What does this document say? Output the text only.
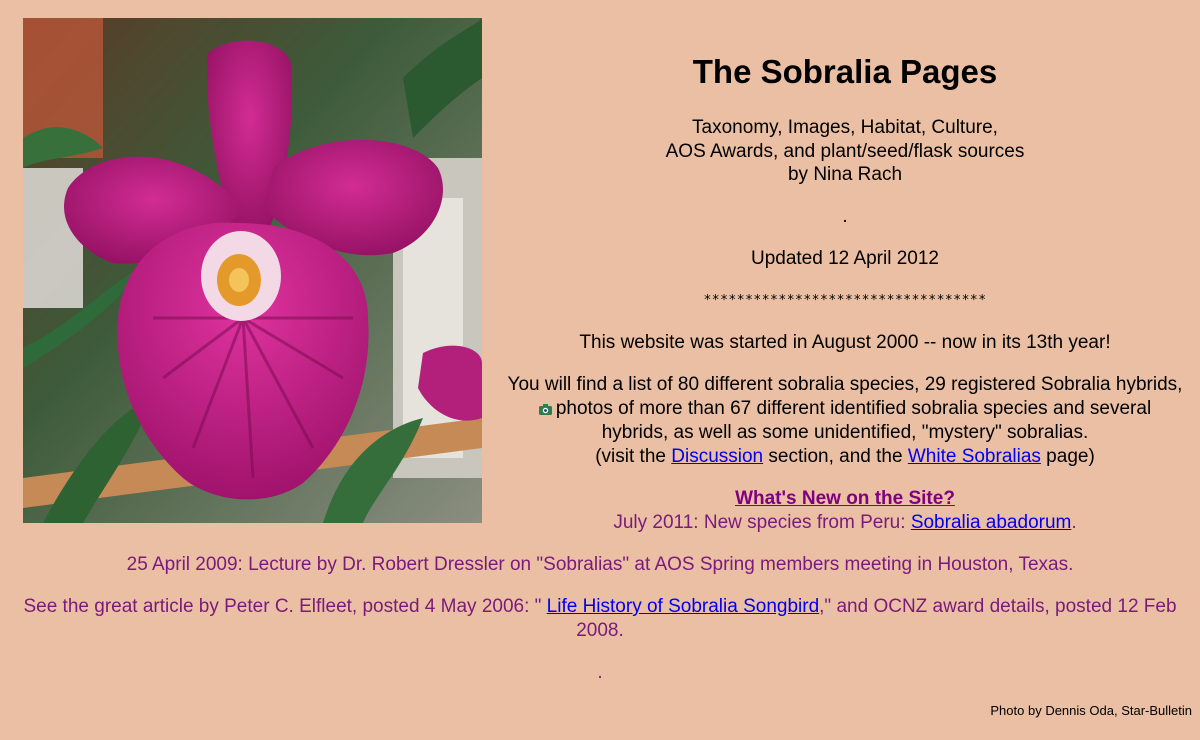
The Sobralia Pages
Taxonomy, Images, Habitat, Culture,
AOS Awards, and plant/seed/flask sources
by Nina Rach
.
Updated 12 April 2012
**********************************
This website was started in August 2000 -- now in its 13th year!
You will find a list of 80 different sobralia species, 29 registered Sobralia hybrids,
photos of more than 67 different identified sobralia species and several
hybrids, as well as some unidentified, "mystery" sobralias.
(visit the Discussion section, and the White Sobralias page)
What's New on the Site?
July 2011: New species from Peru: Sobralia abadorum.
25 April 2009: Lecture by Dr. Robert Dressler on "Sobralias" at AOS Spring members meeting in Houston, Texas.
See the great article by Peter C. Elfleet, posted 4 May 2006: " Life History of Sobralia Songbird," and OCNZ award details, posted 12 Feb
2008.
.
Photo by Dennis Oda, Star-Bulletin
